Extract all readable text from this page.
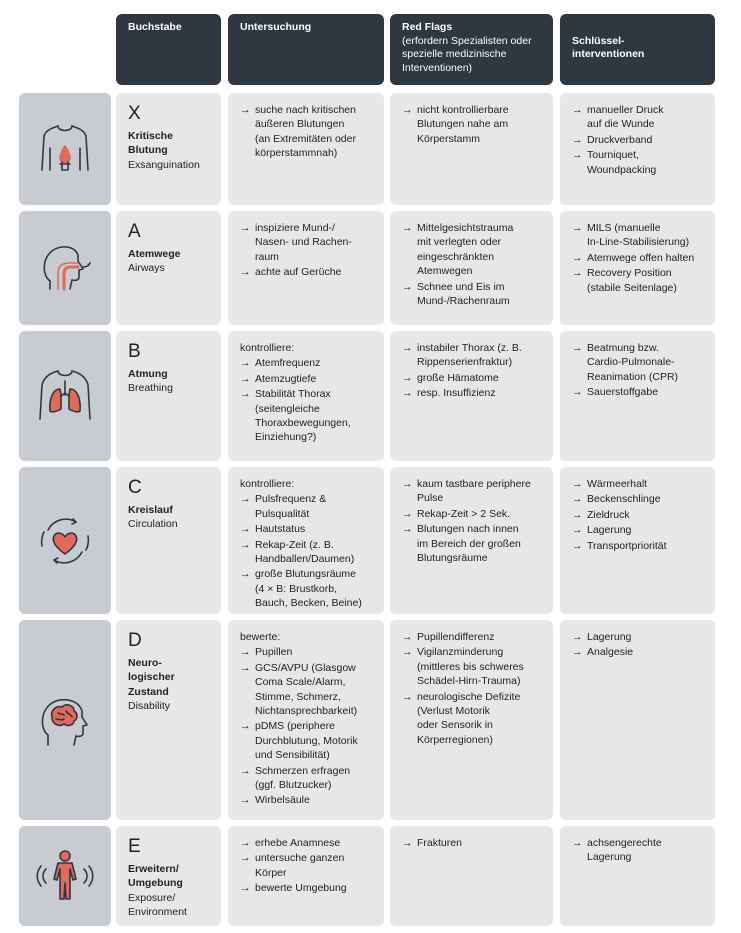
Buchstabe	Untersuchung	Red Flags
(erfordern Spezialisten oder
spezielle medizinische
Interventionen)

Schlüssel-
interventionen

X
Kritische
Blutung
Exsanguination
→ suche nach kritischen
äußeren Blutungen
(an Extremitäten oder
körperstammnah)
→ nicht kontrollierbare
Blutungen nahe am
Körperstamm
→ manueller Druck
auf die Wunde
→ Druckverband
→ Tourniquet,
Woundpacking
A
Atemwege
Airways
→ inspiziere Mund-/
Nasen- und Rachen-
raum
→ achte auf Gerüche
→ Mittelgesichtstrauma
mit verlegten oder
eingeschränkten
Atemwegen
→ Schnee und Eis im
Mund-/Rachenraum
→ MILS (manuelle
In-Line-Stabilisierung)
→ Atemwege offen halten
→ Recovery Position
(stabile Seitenlage)
B
Atmung
Breathing
kontrolliere:
→ Atemfrequenz
→ Atemzugtiefe
→ Stabilität Thorax
(seitengleiche
Thoraxbewegungen,
Einziehung?)
→ instabiler Thorax (z. B.
Rippenserienfraktur)
→ große Hämatome
→ resp. Insuffizienz
→ Beatmung bzw.
Cardio-Pulmonale-
Reanimation (CPR)
→ Sauerstoffgabe
C
Kreislauf
Circulation
kontrolliere:
→ Pulsfrequenz &
Pulsqualität
→ Hautstatus
→ Rekap-Zeit (z. B.
Handballen/Daumen)
→ große Blutungsräume
(4 × B: Brustkorb,
Bauch, Becken, Beine)
→ kaum tastbare periphere
Pulse
→ Rekap-Zeit > 2 Sek.
→ Blutungen nach innen
im Bereich der großen
Blutungsräume
→ Wärmeerhalt
→ Beckenschlinge
→ Zieldruck
→ Lagerung
→ Transportpriorität
D
Neuro-
logischer
Zustand
Disability
bewerte:
→ Pupillen
→ GCS/AVPU (Glasgow
Coma Scale/Alarm,
Stimme, Schmerz,
Nichtansprechbarkeit)
→ pDMS (periphere
Durchblutung, Motorik
und Sensibilität)
→ Schmerzen erfragen
(ggf. Blutzucker)
→ Wirbelsäule
→ Pupillendifferenz
→ Vigilanzminderung
(mittleres bis schweres
Schädel-Hirn-Trauma)
→ neurologische Defizite
(Verlust Motorik
oder Sensorik in
Körperregionen)
→ Lagerung
→ Analgesie
E
Erweitern/
Umgebung
Exposure/
Environment
→ erhebe Anamnese
→ untersuche ganzen
Körper
→ bewerte Umgebung
→ Frakturen
→	achsengerechte
Lagerung
